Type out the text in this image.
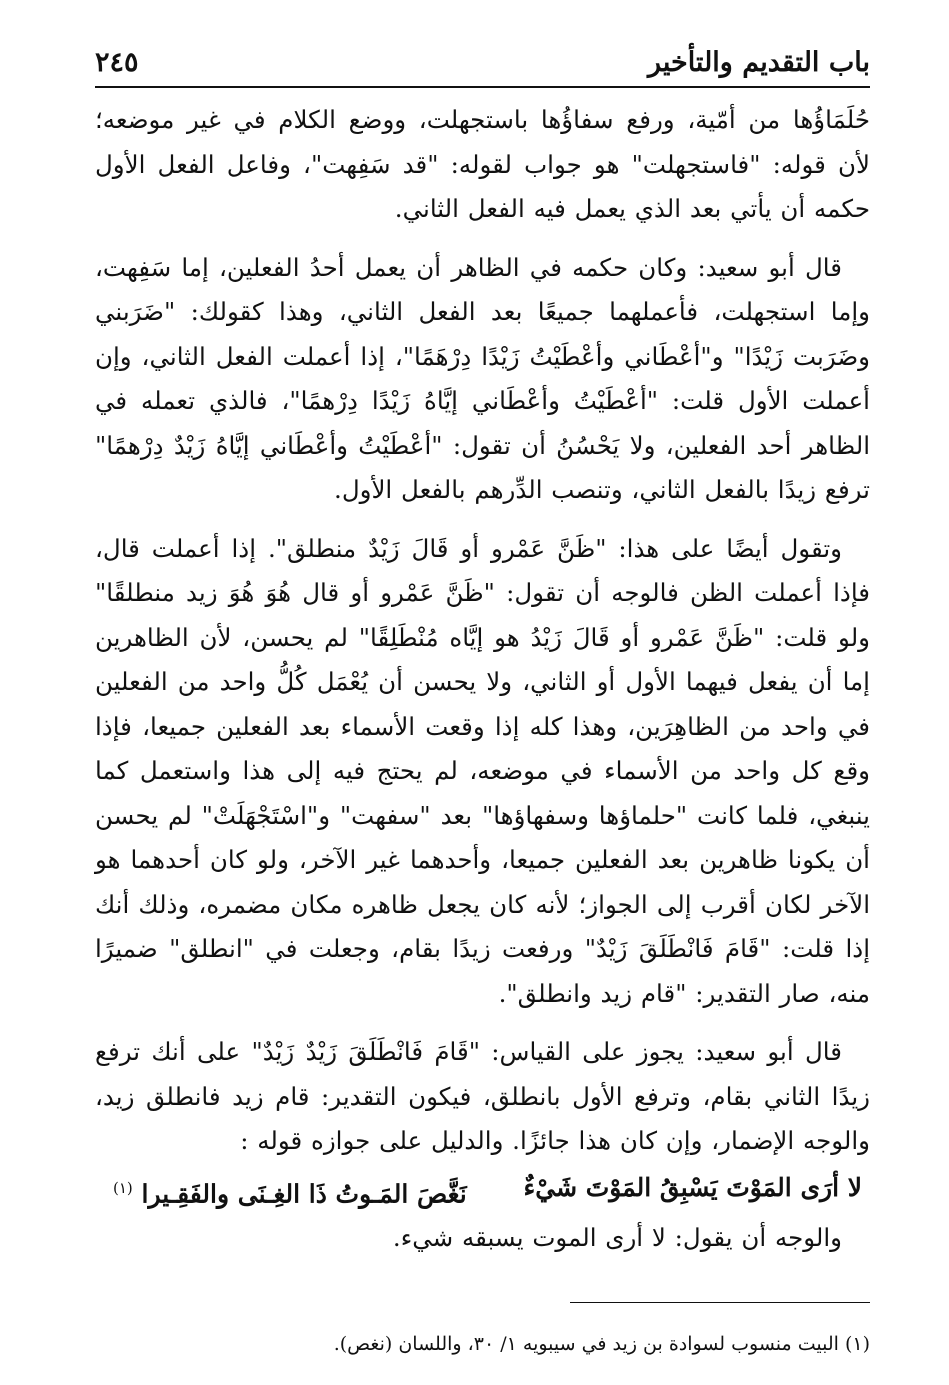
باب التقديم والتأخير
٢٤٥

حُلَمَاؤُها من أمّية، ورفع سفاؤُها باستجهلت، ووضع الكلام في غير موضعه؛ لأن قوله: "فاستجهلت" هو جواب لقوله: "قد سَفِهت"، وفاعل الفعل الأول حكمه أن يأتي بعد الذي يعمل فيه الفعل الثاني.

قال أبو سعيد: وكان حكمه في الظاهر أن يعمل أحدُ الفعلين، إما سَفِهت، وإما استجهلت، فأعملهما جميعًا بعد الفعل الثاني، وهذا كقولك: "ضَرَبني وضَرَبت زَيْدًا" و"أعْطَاني وأعْطَيْتُ زَيْدًا دِرْهَمًا"، إذا أعملت الفعل الثاني، وإن أعملت الأول قلت: "أعْطَيْتُ وأعْطَاني إيَّاهُ زَيْدًا دِرْهمًا"، فالذي تعمله في الظاهر أحد الفعلين، ولا يَحْسُنُ أن تقول: "أعْطَيْتُ وأعْطَاني إيَّاهُ زَيْدٌ دِرْهمًا" ترفع زيدًا بالفعل الثاني، وتنصب الدِّرهم بالفعل الأول.

وتقول أيضًا على هذا: "ظَنَّ عَمْرو أو قَالَ زَيْدٌ منطلق". إذا أعملت قال، فإذا أعملت الظن فالوجه أن تقول: "ظَنَّ عَمْرو أو قال هُوَ هُوَ زيد منطلقًا" ولو قلت: "ظَنَّ عَمْرو أو قَالَ زَيْدُ هو إيَّاه مُنْطَلِقًا" لم يحسن، لأن الظاهرين إما أن يفعل فيهما الأول أو الثاني، ولا يحسن أن يُعْمَل كُلُّ واحد من الفعلين في واحد من الظاهِرَين، وهذا كله إذا وقعت الأسماء بعد الفعلين جميعا، فإذا وقع كل واحد من الأسماء في موضعه، لم يحتج فيه إلى هذا واستعمل كما ينبغي، فلما كانت "حلماؤها وسفهاؤها" بعد "سفهت" و"اسْتَجْهَلَتْ" لم يحسن أن يكونا ظاهرين بعد الفعلين جميعا، وأحدهما غير الآخر، ولو كان أحدهما هو الآخر لكان أقرب إلى الجواز؛ لأنه كان يجعل ظاهره مكان مضمره، وذلك أنك إذا قلت: "قَامَ فَانْطَلَقَ زَيْدٌ" ورفعت زيدًا بقام، وجعلت في "انطلق" ضميرًا منه، صار التقدير: "قام زيد وانطلق".

قال أبو سعيد: يجوز على القياس: "قَامَ فَانْطَلَقَ زَيْدٌ زَيْدٌ" على أنك ترفع زيدًا الثاني بقام، وترفع الأول بانطلق، فيكون التقدير: قام زيد فانطلق زيد، والوجه الإضمار، وإن كان هذا جائزًا. والدليل على جوازه قوله :

لا أرَى المَوْتَ يَسْبِقُ المَوْتَ شَيْءٌ
نَغَّصَ المَـوتُ ذَا الغِـنَى والفَقِـيرا $^{(١)}$

والوجه أن يقول: لا أرى الموت يسبقه شيء.

(١) البيت منسوب لسوادة بن زيد في سيبويه ١/ ٣٠، واللسان (نغص).
